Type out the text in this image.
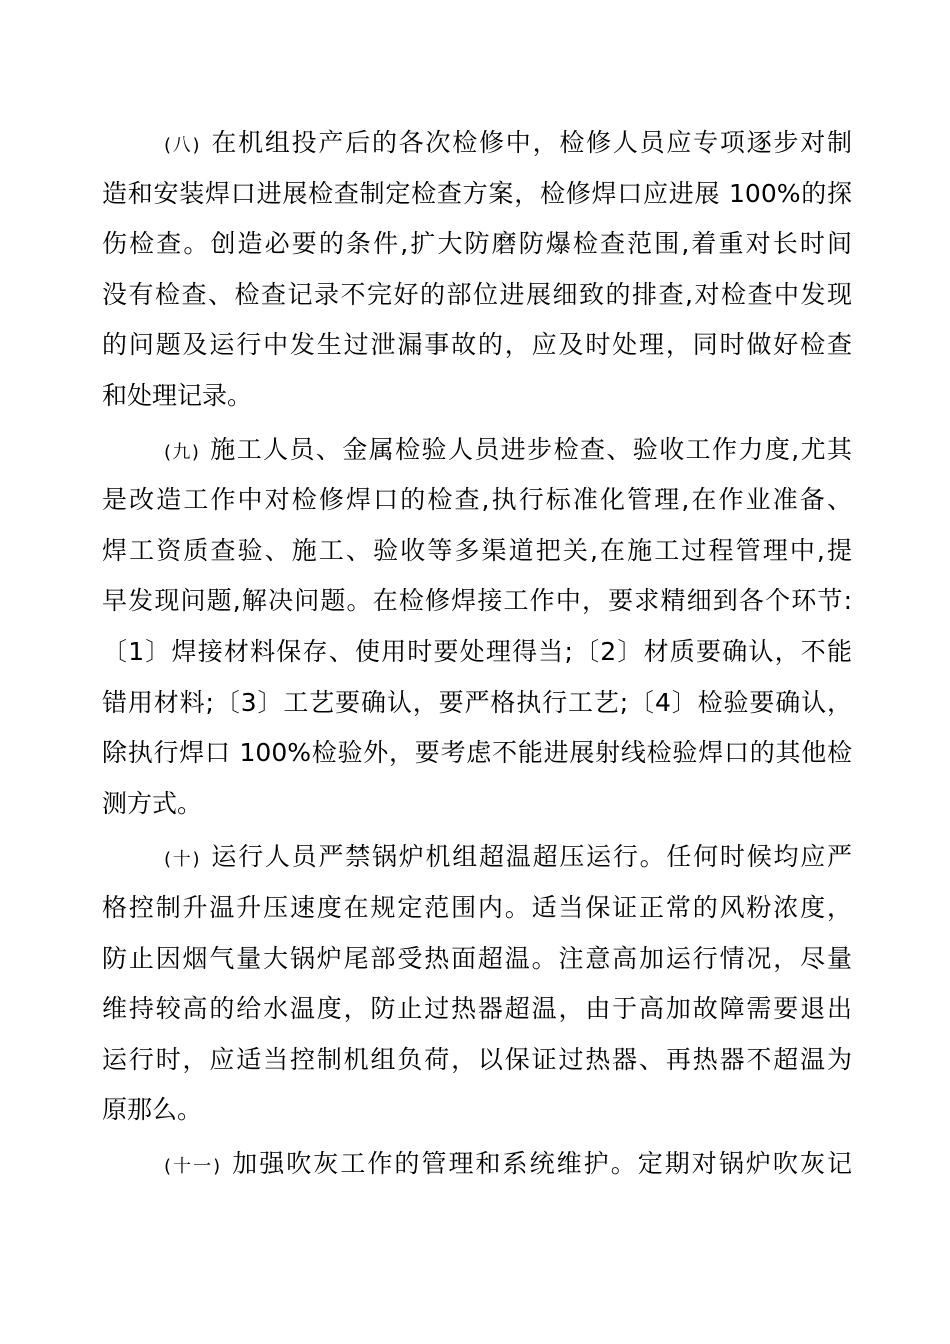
(八) 在机组投产后的各次检修中，检修人员应专项逐步对制
造和安装焊口进展检查制定检查方案，检修焊口应进展 100%的探
伤检查。创造必要的条件,扩大防磨防爆检查范围,着重对长时间
没有检查、检查记录不完好的部位进展细致的排查,对检查中发现
的问题及运行中发生过泄漏事故的，应及时处理，同时做好检查
和处理记录。
(九) 施工人员、金属检验人员进步检查、验收工作力度,尤其
是改造工作中对检修焊口的检查,执行标准化管理,在作业准备、
焊工资质查验、施工、验收等多渠道把关,在施工过程管理中,提
早发现问题,解决问题。在检修焊接工作中，要求精细到各个环节:
〔1〕焊接材料保存、使用时要处理得当;〔2〕材质要确认，不能
错用材料;〔3〕工艺要确认，要严格执行工艺;〔4〕检验要确认，
除执行焊口 100%检验外，要考虑不能进展射线检验焊口的其他检
测方式。
(十) 运行人员严禁锅炉机组超温超压运行。任何时候均应严
格控制升温升压速度在规定范围内。适当保证正常的风粉浓度，
防止因烟气量大锅炉尾部受热面超温。注意高加运行情况，尽量
维持较高的给水温度，防止过热器超温，由于高加故障需要退出
运行时，应适当控制机组负荷，以保证过热器、再热器不超温为
原那么。
(十一) 加强吹灰工作的管理和系统维护。定期对锅炉吹灰记
